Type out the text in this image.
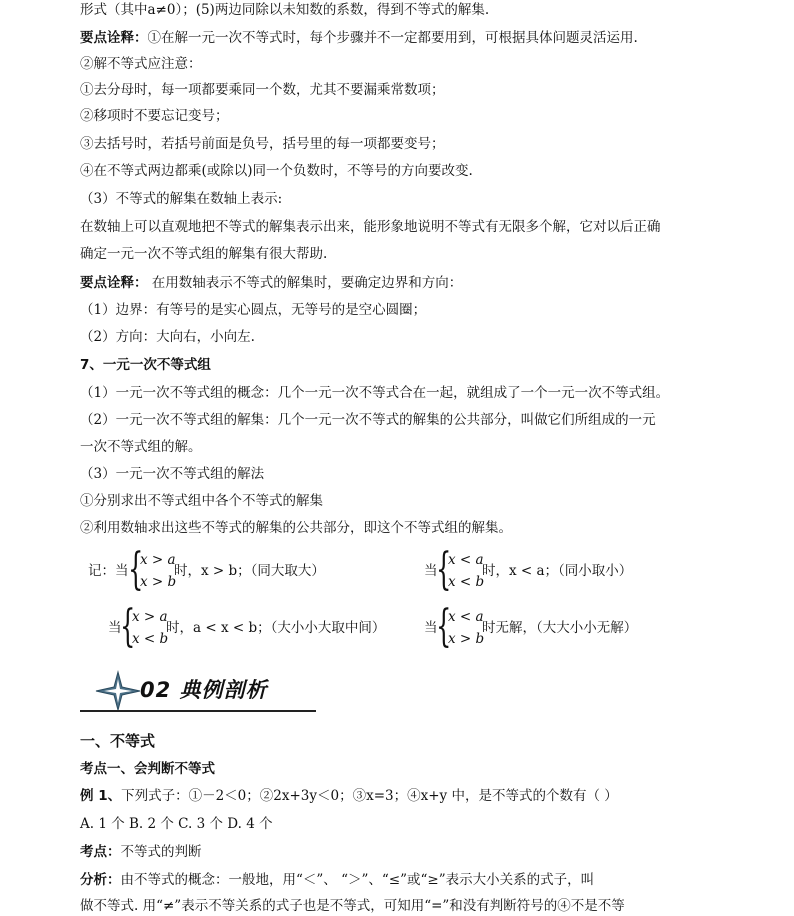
形式（其中a≠0）；(5)两边同除以未知数的系数，得到不等式的解集.
要点诠释：①在解一元一次不等式时，每个步骤并不一定都要用到，可根据具体问题灵活运用.
②解不等式应注意：
①去分母时，每一项都要乘同一个数，尤其不要漏乘常数项；
②移项时不要忘记变号；
③去括号时，若括号前面是负号，括号里的每一项都要变号；
④在不等式两边都乘(或除以)同一个负数时，不等号的方向要改变.
（3）不等式的解集在数轴上表示:
在数轴上可以直观地把不等式的解集表示出来，能形象地说明不等式有无限多个解，它对以后正确
确定一元一次不等式组的解集有很大帮助.
要点诠释： 在用数轴表示不等式的解集时，要确定边界和方向：
（1）边界：有等号的是实心圆点，无等号的是空心圆圈；
（2）方向：大向右，小向左.
7、一元一次不等式组
（1）一元一次不等式组的概念：几个一元一次不等式合在一起，就组成了一个一元一次不等式组。
（2）一元一次不等式组的解集：几个一元一次不等式的解集的公共部分，叫做它们所组成的一元
一次不等式组的解。
（3）一元一次不等式组的解法
①分别求出不等式组中各个不等式的解集
②利用数轴求出这些不等式的解集的公共部分，即这个不等式组的解集。
记：当 {
x > a
x > b
时，x > b；（同大取大）	当
{
x < a
x < b
时，x < a；（同小取小）
当
{
x > a
x < b
时，a < x < b；（大小小大取中间）	当
{
x < a
x > b
时无解，（大大小小无解）
02 典例剖析
一、不等式
考点一、会判断不等式
例 1、下列式子：①－2＜0；②2x+3y＜0；③x=3；④x+y 中，是不等式的个数有（ ）
A. 1 个 B. 2 个 C. 3 个 D. 4 个
考点：不等式的判断
分析：由不等式的概念：一般地，用“＜”、 “＞”、“≤”或“≥”表示大小关系的式子，叫
做不等式. 用“≠”表示不等关系的式子也是不等式，可知用“=”和没有判断符号的④不是不等
